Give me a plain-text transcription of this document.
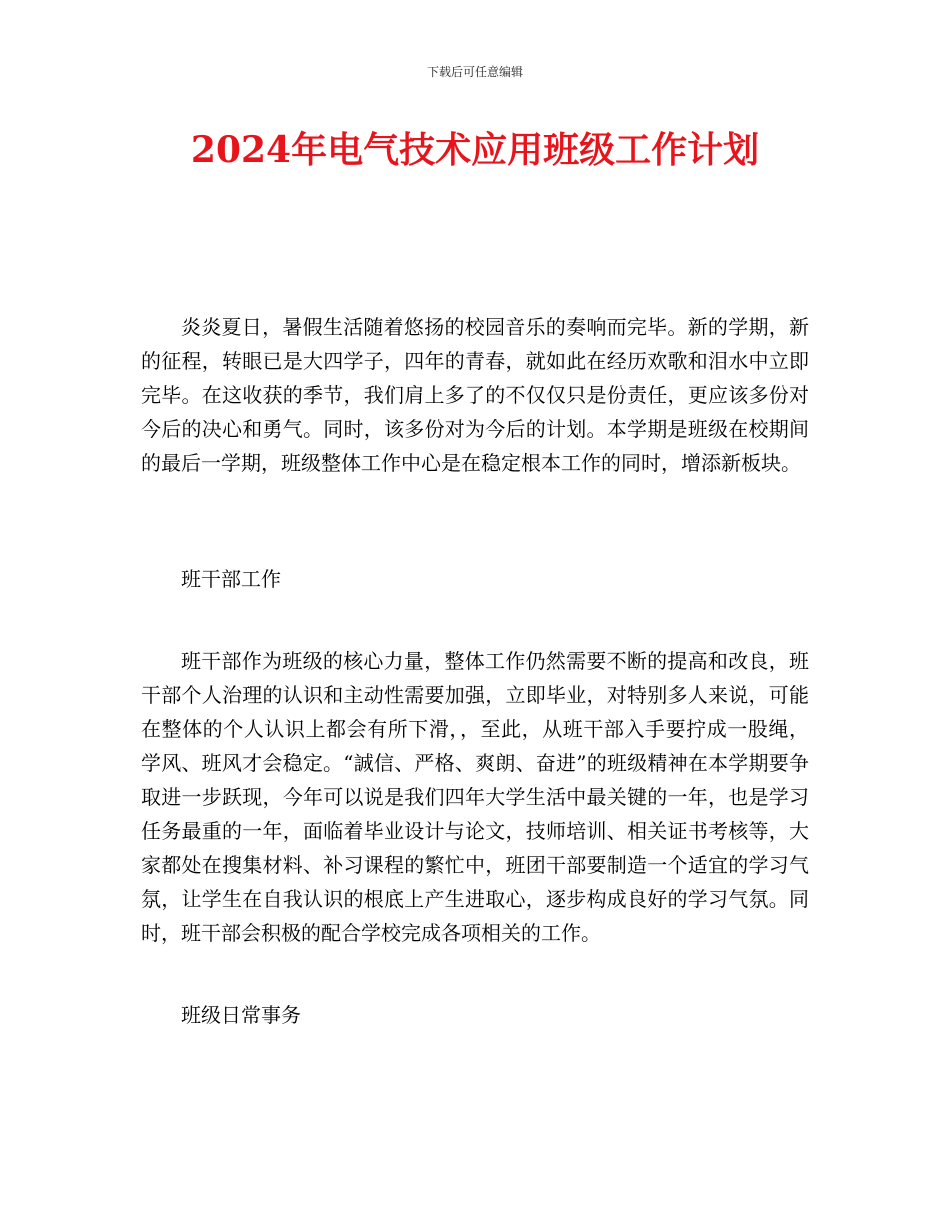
下载后可任意编辑
2024年电气技术应用班级工作计划

炎炎夏日，暑假生活随着悠扬的校园音乐的奏响而完毕。新的学期，新的征程，转眼已是大四学子，四年的青春，就如此在经历欢歌和泪水中立即完毕。在这收获的季节，我们肩上多了的不仅仅只是份责任，更应该多份对今后的决心和勇气。同时，该多份对为今后的计划。本学期是班级在校期间的最后一学期，班级整体工作中心是在稳定根本工作的同时，增添新板块。

班干部工作

班干部作为班级的核心力量，整体工作仍然需要不断的提高和改良，班干部个人治理的认识和主动性需要加强，立即毕业，对特别多人来说，可能在整体的个人认识上都会有所下滑，，至此，从班干部入手要拧成一股绳，学风、班风才会稳定。“誠信、严格、爽朗、奋进”的班级精神在本学期要争取进一步跃现，今年可以说是我们四年大学生活中最关键的一年，也是学习任务最重的一年，面临着毕业设计与论文，技师培训、相关证书考核等，大家都处在搜集材料、补习课程的繁忙中，班团干部要制造一个适宜的学习气氛，让学生在自我认识的根底上产生进取心，逐步构成良好的学习气氛。同时，班干部会积极的配合学校完成各项相关的工作。

班级日常事务
